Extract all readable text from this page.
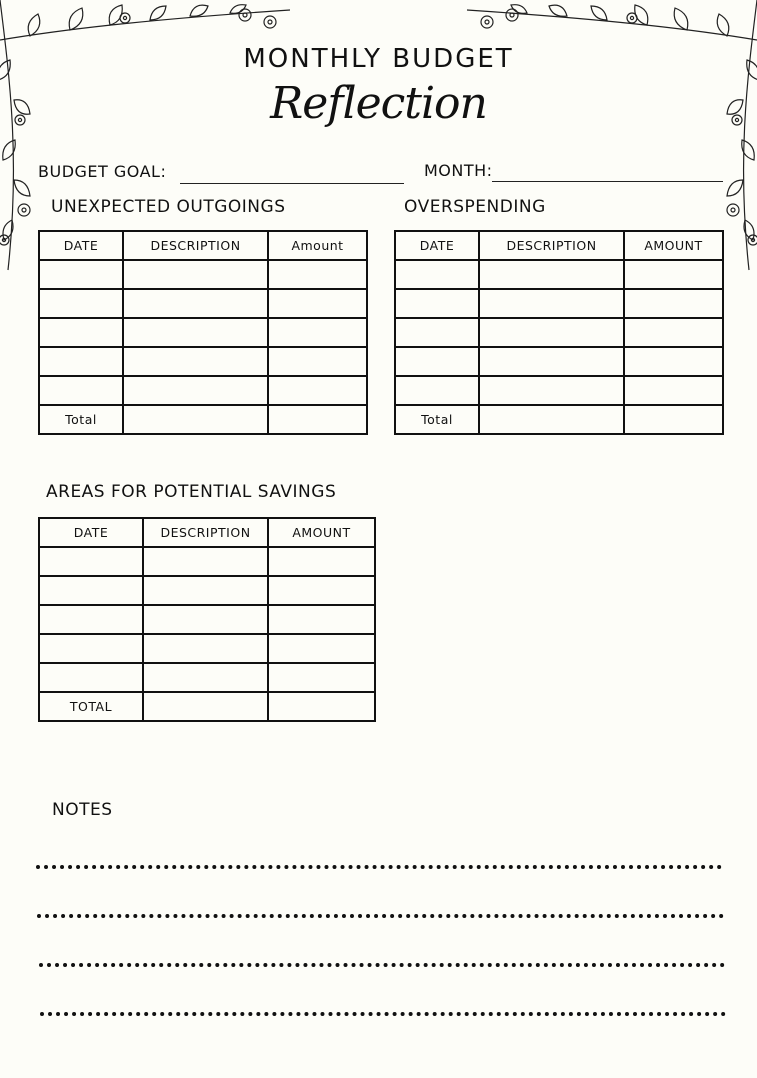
MONTHLY BUDGET
Reflection
BUDGET GOAL:	MONTH:
UNEXPECTED OUTGOINGS	OVERSPENDING
DATE	DESCRIPTION	Amount

Total		
DATE	DESCRIPTION	AMOUNT

Total		
AREAS FOR POTENTIAL SAVINGS
DATE	DESCRIPTION	AMOUNT

TOTAL		
NOTES
